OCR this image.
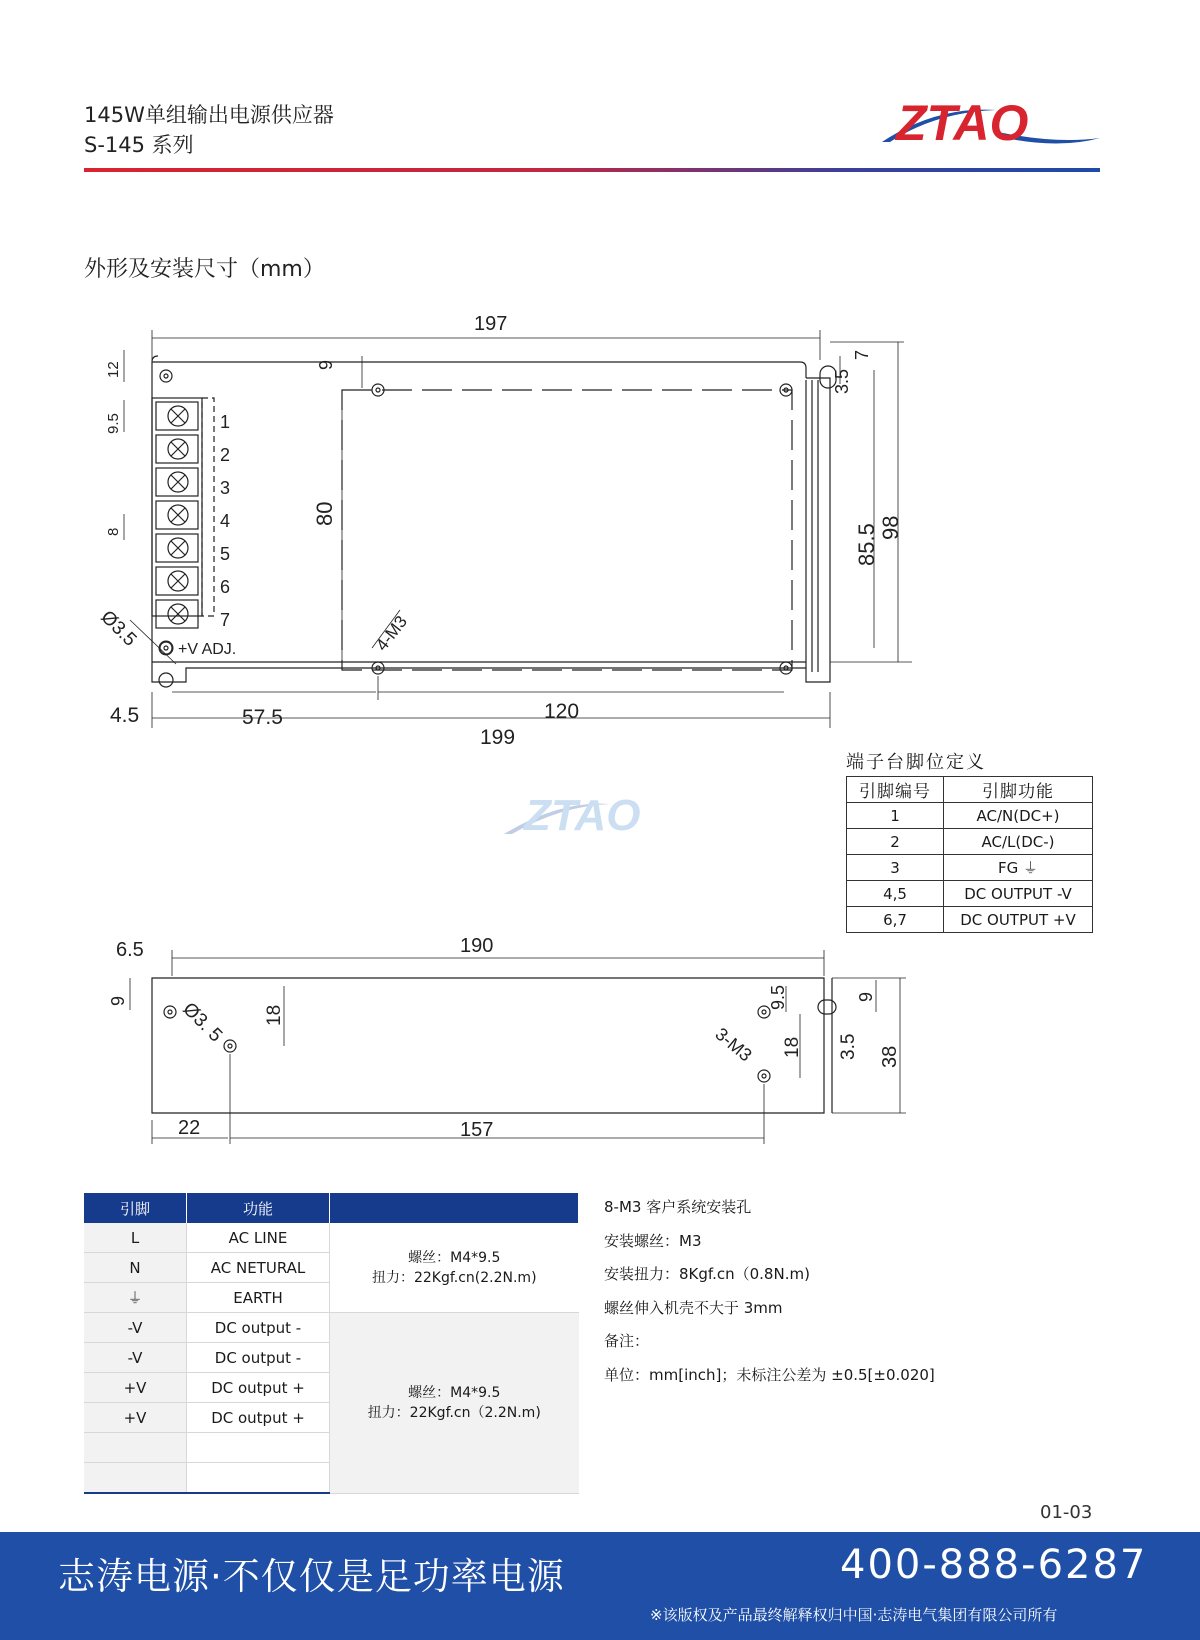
145W单组输出电源供应器
S-145 系列	ZTAO
外形及安装尺寸（mm）
197
12
9.5
8
9
80
7
3.5
85.5 98
Ø3.5	4-M3
4.5	57.5	120
199
1
2
3
4
5
6
7
+V ADJ.
ZTAO
端子台脚位定义
引脚编号	引脚功能
1	AC/N(DC+)
2	AC/L(DC-)
3	FG ⏚
4,5	DC OUTPUT -V
6,7	DC OUTPUT +V
6.5	190
9	Ø3. 5 18
9.5	9
3-M3 18 3.5 38
22	157
引脚	功能	
L	AC LINE	螺丝：M4*9.5
扭力：22Kgf.cn(2.2N.m)

N	AC NETURAL	
⏚	EARTH	
-V	DC output -	螺丝：M4*9.5
扭力：22Kgf.cn（2.2N.m)

-V	DC output -	
+V	DC output +	
+V	DC output +	

8-M3 客户系统安装孔
安装螺丝：M3
安装扭力：8Kgf.cn（0.8N.m)
螺丝伸入机壳不大于 3mm
备注：
单位：mm[inch]；未标注公差为 ±0.5[±0.020]
01-03
志涛电源·不仅仅是足功率电源	400-888-6287
※该版权及产品最终解释权归中国·志涛电气集团有限公司所有
